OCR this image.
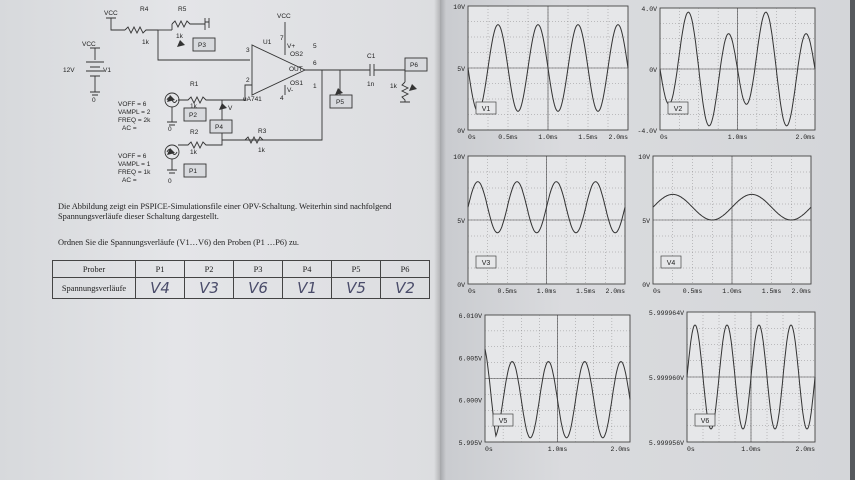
P3
P4
P5
P6
P2
P1
VCC
VCC
VCC
R4
1k
R5
1k
12V	V1
0
U1
uA741
3
2
6
7
4
5
1
V+
V-
OUT
OS2
OS1
R1
1k
R2
1k
R3
1k
C1
1n 1k
0
0
V
VOFF = 6
VAMPL = 2
FREQ = 2k
AC =
VOFF = 6
VAMPL = 1
FREQ = 1k
AC =
Die Abbildung zeigt ein PSPICE-Simulationsfile einer OPV-Schaltung. Weiterhin sind nachfolgend Spannungsverläufe dieser Schaltung dargestellt.
Ordnen Sie die Spannungsverläufe (V1…V6) den Proben (P1 …P6) zu.
Prober	P1	P2	P3	P4	P5	P6
Spannungsverläufe	V4	V3	V6	V1	V5	V2
10V
5V
0V
0s	0.5ms	1.0ms	1.5ms 2.0ms
V1
4.0V
0V
-4.0V
0s	1.0ms	2.0ms
V2
10V
5V
0V
0s	0.5ms	1.0ms	1.5ms 2.0ms
V3
10V
5V
0V
0s	0.5ms	1.0ms	1.5ms 2.0ms
V4
6.010V
6.005V
6.000V
5.995V
0s	1.0ms	2.0ms
V5
5.999964V
5.999960V
5.999956V
0s	1.0ms	2.0ms
V6
